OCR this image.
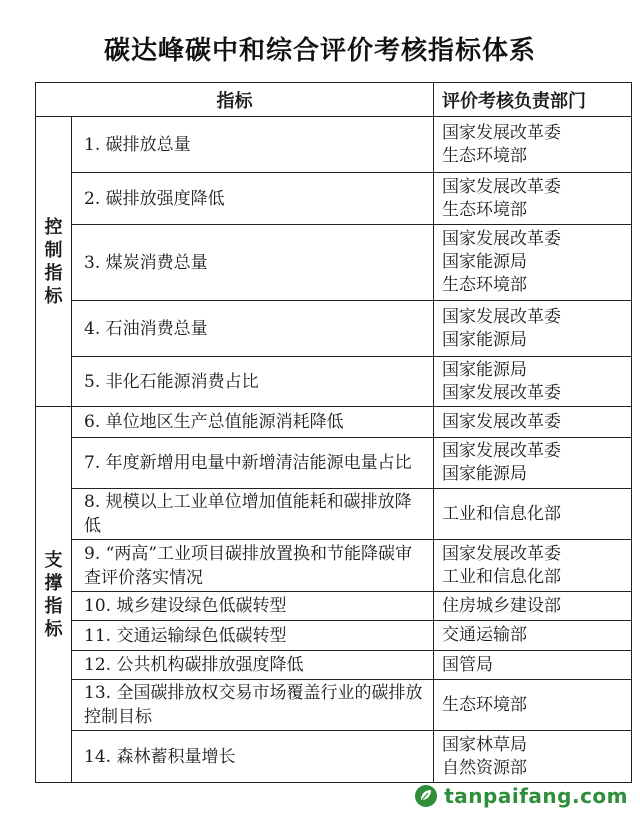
碳达峰碳中和综合评价考核指标体系
指标		评价考核负责部门

控
制
指
标	1. 碳排放总量	国家发展改革委
生态环境部

	2. 碳排放强度降低	国家发展改革委
生态环境部

	3. 煤炭消费总量	国家发展改革委
国家能源局
生态环境部

	4. 石油消费总量	国家发展改革委
国家能源局

	5. 非化石能源消费占比	国家能源局
国家发展改革委

支
撑
指
标	6. 单位地区生产总值能源消耗降低	国家发展改革委

	7. 年度新增用电量中新增清洁能源电量占比	国家发展改革委
国家能源局

	8. 规模以上工业单位增加值能耗和碳排放降低	工业和信息化部

	9. “两高”工业项目碳排放置换和节能降碳审查评价落实情况	国家发展改革委
工业和信息化部

	10. 城乡建设绿色低碳转型	住房城乡建设部

	11. 交通运输绿色低碳转型	交通运输部

	12. 公共机构碳排放强度降低	国管局

	13. 全国碳排放权交易市场覆盖行业的碳排放控制目标	生态环境部

	14. 森林蓄积量增长	国家林草局
自然资源部
tanpaifang.com
